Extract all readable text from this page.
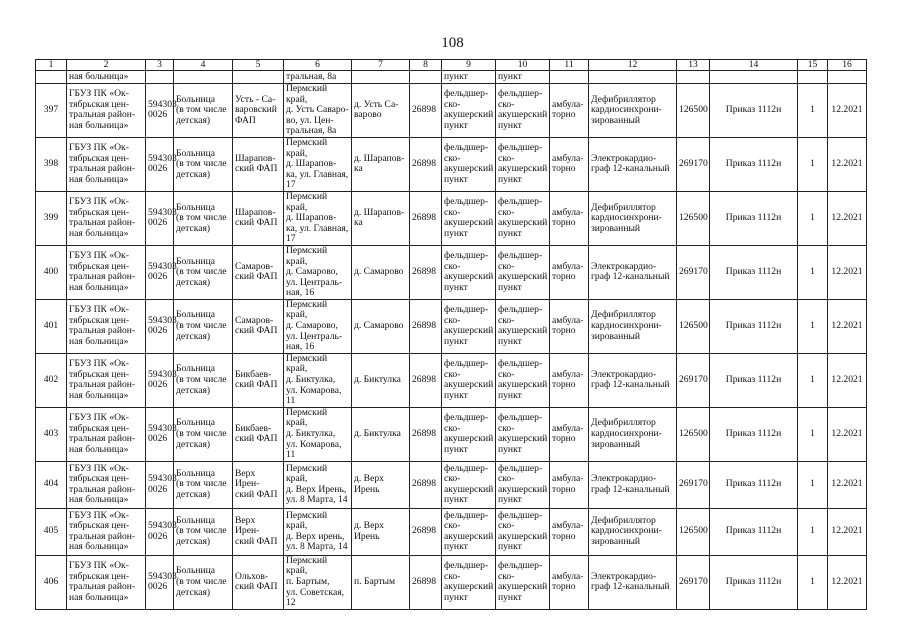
108
1	2	3	4	5	6	7	8	9	10	11	12	13	14	15	16
	ная больница»				тральная, 8а			пункт	пункт						
397	ГБУЗ ПК «Ок-
тябрьская цен-
тральная район-
ная больница»	594303
0026	Больница
(в том числе
детская)	Усть - Са-
варовский
ФАП	Пермский край,
д. Усть Саваро-
во, ул. Цен-
тральная, 8а	д. Усть Са-
варово	26898	фельдшер-
ско-
акушерский
пункт	фельдшер-
ско-
акушерский
пункт	амбула-
торно	Дефибриллятор
кардиосинхрони-
зированный	126500	Приказ 1112н	1	12.2021
398	ГБУЗ ПК «Ок-
тябрьская цен-
тральная район-
ная больница»	594303
0026	Больница
(в том числе
детская)	Шарапов-
ский ФАП	Пермский край,
д. Шарапов-
ка, ул. Главная, 17	д. Шарапов-
ка	26898	фельдшер-
ско-
акушерский
пункт	фельдшер-
ско-
акушерский
пункт	амбула-
торно	Электрокардио-
граф 12-канальный	269170	Приказ 1112н	1	12.2021
399	ГБУЗ ПК «Ок-
тябрьская цен-
тральная район-
ная больница»	594303
0026	Больница
(в том числе
детская)	Шарапов-
ский ФАП	Пермский край,
д. Шарапов-
ка, ул. Главная, 17	д. Шарапов-
ка	26898	фельдшер-
ско-
акушерский
пункт	фельдшер-
ско-
акушерский
пункт	амбула-
торно	Дефибриллятор
кардиосинхрони-
зированный	126500	Приказ 1112н	1	12.2021
400	ГБУЗ ПК «Ок-
тябрьская цен-
тральная район-
ная больница»	594303
0026	Больница
(в том числе
детская)	Самаров-
ский ФАП	Пермский край,
д. Самарово,
ул. Централь-
ная, 16	д. Самарово	26898	фельдшер-
ско-
акушерский
пункт	фельдшер-
ско-
акушерский
пункт	амбула-
торно	Электрокардио-
граф 12-канальный	269170	Приказ 1112н	1	12.2021
401	ГБУЗ ПК «Ок-
тябрьская цен-
тральная район-
ная больница»	594303
0026	Больница
(в том числе
детская)	Самаров-
ский ФАП	Пермский край,
д. Самарово,
ул. Централь-
ная, 16	д. Самарово	26898	фельдшер-
ско-
акушерский
пункт	фельдшер-
ско-
акушерский
пункт	амбула-
торно	Дефибриллятор
кардиосинхрони-
зированный	126500	Приказ 1112н	1	12.2021
402	ГБУЗ ПК «Ок-
тябрьская цен-
тральная район-
ная больница»	594303
0026	Больница
(в том числе
детская)	Бикбаев-
ский ФАП	Пермский край,
д. Биктулка,
ул. Комарова,
11	д. Биктулка	26898	фельдшер-
ско-
акушерский
пункт	фельдшер-
ско-
акушерский
пункт	амбула-
торно	Электрокардио-
граф 12-канальный	269170	Приказ 1112н	1	12.2021
403	ГБУЗ ПК «Ок-
тябрьская цен-
тральная район-
ная больница»	594303
0026	Больница
(в том числе
детская)	Бикбаев-
ский ФАП	Пермский край,
д. Биктулка,
ул. Комарова,
11	д. Биктулка	26898	фельдшер-
ско-
акушерский
пункт	фельдшер-
ско-
акушерский
пункт	амбула-
торно	Дефибриллятор
кардиосинхрони-
зированный	126500	Приказ 1112н	1	12.2021
404	ГБУЗ ПК «Ок-
тябрьская цен-
тральная район-
ная больница»	594303
0026	Больница
(в том числе
детская)	Верх Ирен-
ский ФАП	Пермский край,
д. Верх Ирень,
ул. 8 Марта, 14	д. Верх
Ирень	26898	фельдшер-
ско-
акушерский
пункт	фельдшер-
ско-
акушерский
пункт	амбула-
торно	Электрокардио-
граф 12-канальный	269170	Приказ 1112н	1	12.2021
405	ГБУЗ ПК «Ок-
тябрьская цен-
тральная район-
ная больница»	594303
0026	Больница
(в том числе
детская)	Верх Ирен-
ский ФАП	Пермский край,
д. Верх ирень,
ул. 8 Марта, 14	д. Верх
Ирень	26898	фельдшер-
ско-
акушерский
пункт	фельдшер-
ско-
акушерский
пункт	амбула-
торно	Дефибриллятор
кардиосинхрони-
зированный	126500	Приказ 1112н	1	12.2021
406	ГБУЗ ПК «Ок-
тябрьская цен-
тральная район-
ная больница»	594303
0026	Больница
(в том числе
детская)	Ольхов-
ский ФАП	Пермский край,
п. Бартым,
ул. Советская,
12	п. Бартым	26898	фельдшер-
ско-
акушерский
пункт	фельдшер-
ско-
акушерский
пункт	амбула-
торно	Электрокардио-
граф 12-канальный	269170	Приказ 1112н	1	12.2021
